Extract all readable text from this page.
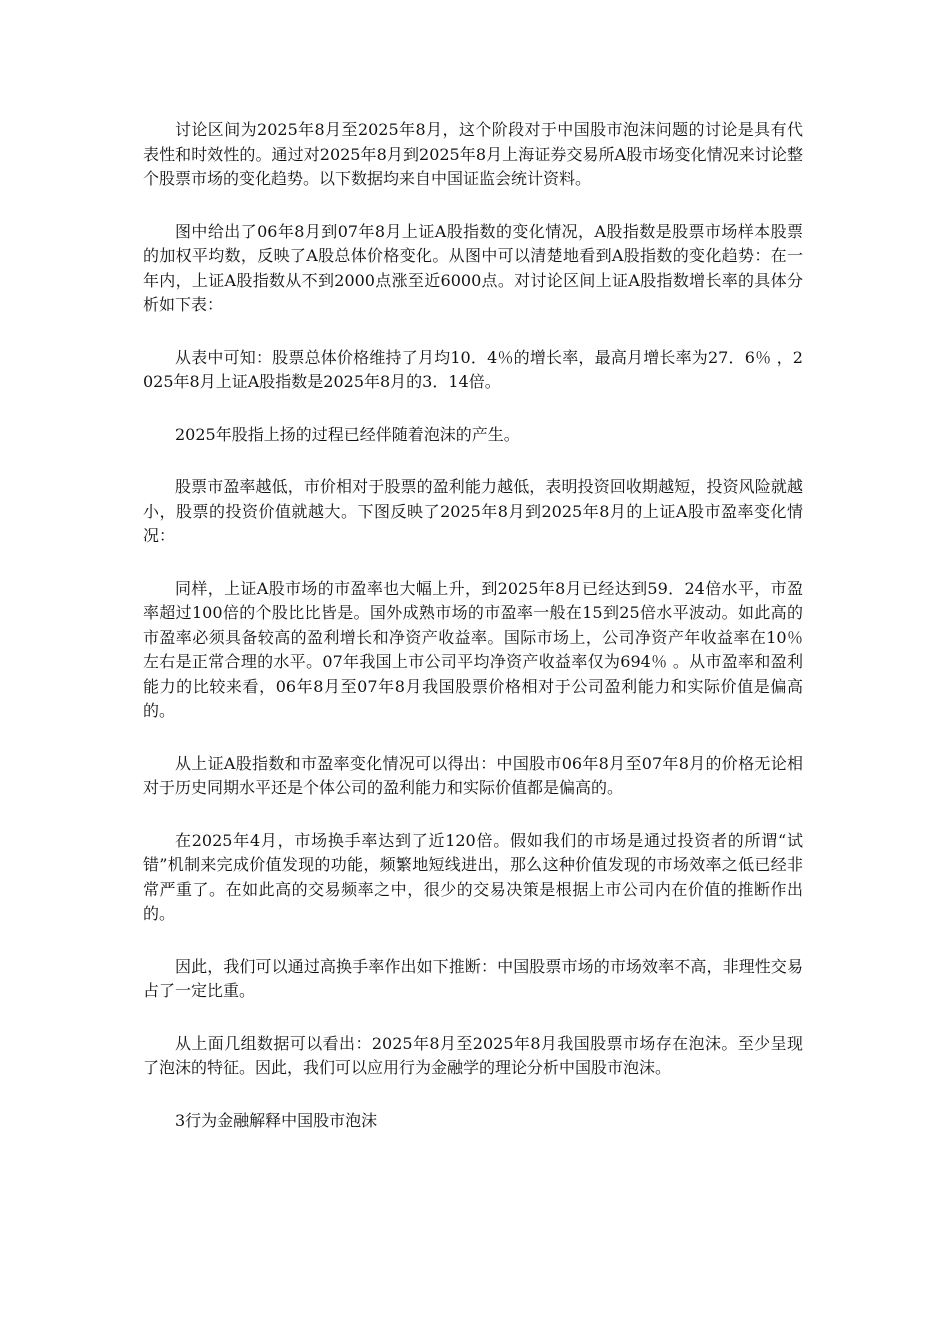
讨论区间为2025年8月至2025年8月，这个阶段对于中国股市泡沫问题的讨论是具有代表性和时效性的。通过对2025年8月到2025年8月上海证券交易所A股市场变化情况来讨论整个股票市场的变化趋势。以下数据均来自中国证监会统计资料。

图中给出了06年8月到07年8月上证A股指数的变化情况，A股指数是股票市场样本股票的加权平均数，反映了A股总体价格变化。从图中可以清楚地看到A股指数的变化趋势：在一年内，上证A股指数从不到2000点涨至近6000点。对讨论区间上证A股指数增长率的具体分析如下表：

从表中可知：股票总体价格维持了月均10．4％的增长率，最高月增长率为27．6％ ，2025年8月上证A股指数是2025年8月的3．14倍。

2025年股指上扬的过程已经伴随着泡沫的产生。

股票市盈率越低，市价相对于股票的盈利能力越低，表明投资回收期越短，投资风险就越小，股票的投资价值就越大。下图反映了2025年8月到2025年8月的上证A股市盈率变化情况：

同样，上证A股市场的市盈率也大幅上升，到2025年8月已经达到59．24倍水平，市盈率超过100倍的个股比比皆是。国外成熟市场的市盈率一般在15到25倍水平波动。如此高的市盈率必须具备较高的盈利增长和净资产收益率。国际市场上，公司净资产年收益率在10％ 左右是正常合理的水平。07年我国上市公司平均净资产收益率仅为694％ 。从市盈率和盈利能力的比较来看，06年8月至07年8月我国股票价格相对于公司盈利能力和实际价值是偏高的。

从上证A股指数和市盈率变化情况可以得出：中国股市06年8月至07年8月的价格无论相对于历史同期水平还是个体公司的盈利能力和实际价值都是偏高的。

在2025年4月，市场换手率达到了近120倍。假如我们的市场是通过投资者的所谓“试错”机制来完成价值发现的功能，频繁地短线进出，那么这种价值发现的市场效率之低已经非常严重了。在如此高的交易频率之中，很少的交易决策是根据上市公司内在价值的推断作出的。

因此，我们可以通过高换手率作出如下推断：中国股票市场的市场效率不高，非理性交易占了一定比重。

从上面几组数据可以看出：2025年8月至2025年8月我国股票市场存在泡沫。至少呈现了泡沫的特征。因此，我们可以应用行为金融学的理论分析中国股市泡沫。

3行为金融解释中国股市泡沫
